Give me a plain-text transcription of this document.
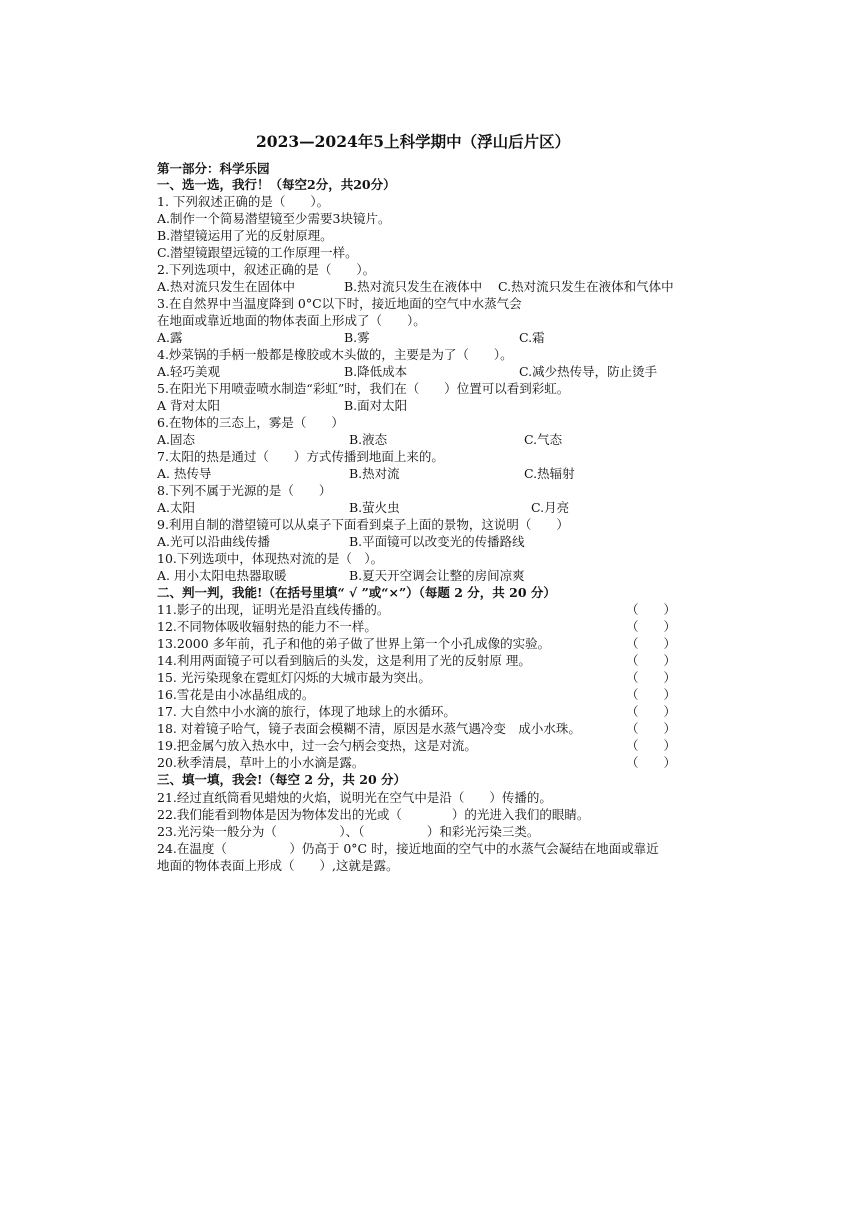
2023—2024年5上科学期中（浮山后片区）
第一部分：科学乐园
一、选一选，我行！（每空2分，共20分）
1. 下列叙述正确的是（　　）。
A.制作一个简易潜望镜至少需要3块镜片。
B.潜望镜运用了光的反射原理。
C.潜望镜跟望远镜的工作原理一样。
2.下列选项中，叙述正确的是（　　）。
A.热对流只发生在固体中	B.热对流只发生在液体中 C.热对流只发生在液体和气体中
3.在自然界中当温度降到 0°C以下时，接近地面的空气中水蒸气会
在地面或靠近地面的物体表面上形成了（　　）。
A.露	B.雾	C.霜
4.炒菜锅的手柄一般都是橡胶或木头做的，主要是为了（　　）。
A.轻巧美观	B.降低成本	C.减少热传导，防止烫手
5.在阳光下用喷壶喷水制造“彩虹”时，我们在（　　）位置可以看到彩虹。
A 背对太阳	B.面对太阳
6.在物体的三态上，雾是（　　）
A.固态	B.液态	C.气态
7.太阳的热是通过（　　）方式传播到地面上来的。
A. 热传导	B.热对流	C.热辐射
8.下列不属于光源的是（　　）
A.太阳	B.萤火虫	C.月亮
9.利用自制的潜望镜可以从桌子下面看到桌子上面的景物，这说明（　　）
A.光可以沿曲线传播	B.平面镜可以改变光的传播路线
10.下列选项中，体现热对流的是（　）。
A. 用小太阳电热器取暖	B.夏天开空调会让整的房间凉爽
二、判一判，我能!（在括号里填“ √ ”或“×”）（每题 2 分，共 20 分）
11.影子的出现，证明光是沿直线传播的。	（　　）
12.不同物体吸收辐射热的能力不一样。	（　　）
13.2000 多年前，孔子和他的弟子做了世界上第一个小孔成像的实验。	（　　）
14.利用两面镜子可以看到脑后的头发，这是利用了光的反射原 理。	（　　）
15. 光污染现象在霓虹灯闪烁的大城市最为突出。	（　　）
16.雪花是由小冰晶组成的。	（　　）
17. 大自然中小水滴的旅行，体现了地球上的水循环。	（　　）
18. 对着镜子哈气，镜子表面会模糊不清，原因是水蒸气遇冷变　成小水珠。	（　　）
19.把金属勺放入热水中，过一会勺柄会变热，这是对流。	（　　）
20.秋季清晨，草叶上的小水滴是露。	（　　）
三、填一填，我会!（每空 2 分，共 20 分）
21.经过直纸筒看见蜡烛的火焰，说明光在空气中是沿（　　）传播的。
22.我们能看到物体是因为物体发出的光或（　　　　）的光进入我们的眼睛。
23.光污染一般分为（　　　　　）、（　　　　　）和彩光污染三类。
24.在温度（　　　　　）仍高于 0°C 时，接近地面的空气中的水蒸气会凝结在地面或靠近
地面的物体表面上形成（　　）,这就是露。
